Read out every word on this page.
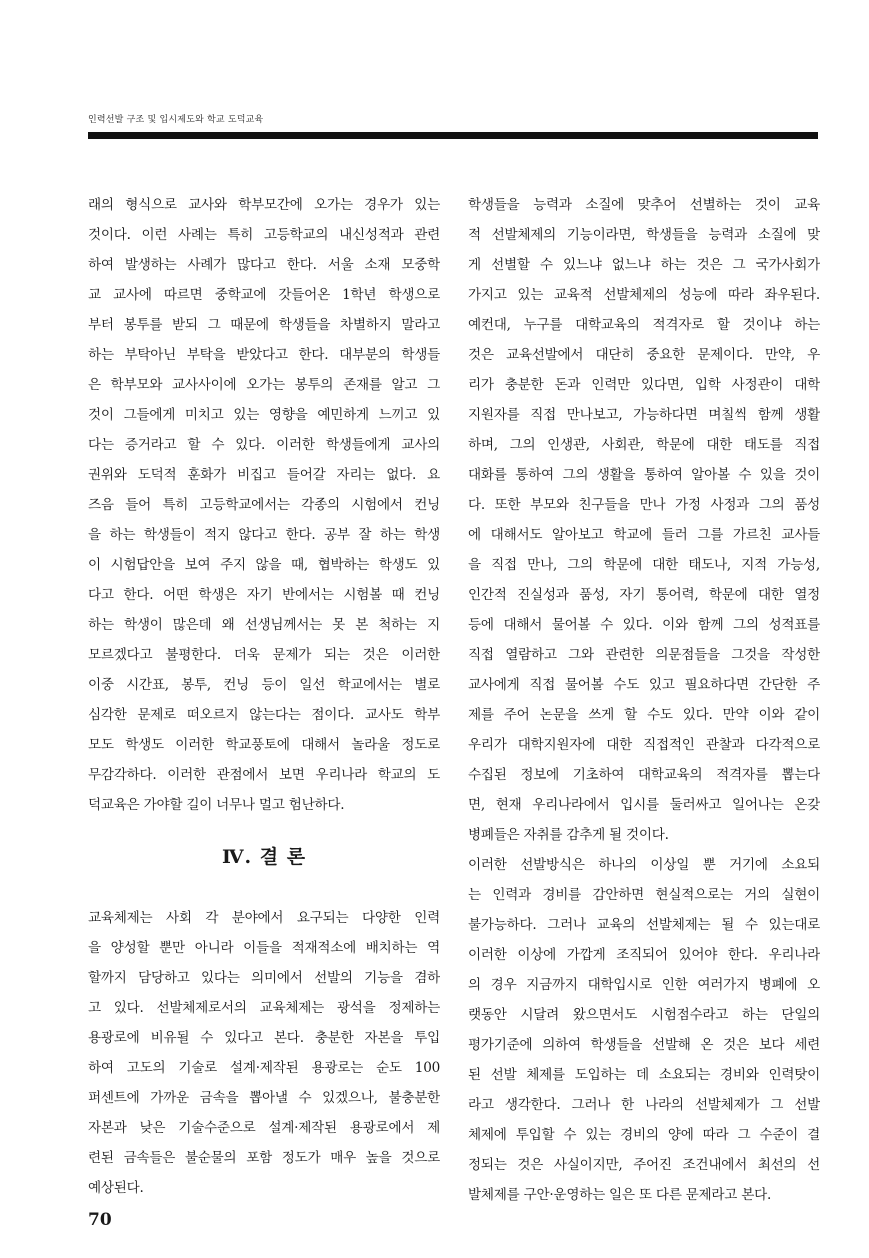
인력선발 구조 및 입시제도와 학교 도덕교육
래의 형식으로 교사와 학부모간에 오가는 경우가 있는
것이다. 이런 사례는 특히 고등학교의 내신성적과 관련
하여 발생하는 사례가 많다고 한다. 서울 소재 모중학
교 교사에 따르면 중학교에 갓들어온 1학년 학생으로
부터 봉투를 받되 그 때문에 학생들을 차별하지 말라고
하는 부탁아닌 부탁을 받았다고 한다. 대부분의 학생들
은 학부모와 교사사이에 오가는 봉투의 존재를 알고 그
것이 그들에게 미치고 있는 영향을 예민하게 느끼고 있
다는 증거라고 할 수 있다. 이러한 학생들에게 교사의
권위와 도덕적 훈화가 비집고 들어갈 자리는 없다. 요
즈음 들어 특히 고등학교에서는 각종의 시험에서 컨닝
을 하는 학생들이 적지 않다고 한다. 공부 잘 하는 학생
이 시험답안을 보여 주지 않을 때, 협박하는 학생도 있
다고 한다. 어떤 학생은 자기 반에서는 시험볼 때 컨닝
하는 학생이 많은데 왜 선생님께서는 못 본 척하는 지
모르겠다고 불평한다. 더욱 문제가 되는 것은 이러한
이중 시간표, 봉투, 컨닝 등이 일선 학교에서는 별로
심각한 문제로 떠오르지 않는다는 점이다. 교사도 학부
모도 학생도 이러한 학교풍토에 대해서 놀라울 정도로
무감각하다. 이러한 관점에서 보면 우리나라 학교의 도
덕교육은 가야할 길이 너무나 멀고 험난하다.
Ⅳ. 결 론
교육체제는 사회 각 분야에서 요구되는 다양한 인력
을 양성할 뿐만 아니라 이들을 적재적소에 배치하는 역
할까지 담당하고 있다는 의미에서 선발의 기능을 겸하
고 있다. 선발체제로서의 교육체제는 광석을 정제하는
용광로에 비유될 수 있다고 본다. 충분한 자본을 투입
하여 고도의 기술로 설계·제작된 용광로는 순도 100
퍼센트에 가까운 금속을 뽑아낼 수 있겠으나, 불충분한
자본과 낮은 기술수준으로 설계·제작된 용광로에서 제
련된 금속들은 불순물의 포함 정도가 매우 높을 것으로
예상된다.
학생들을 능력과 소질에 맞추어 선별하는 것이 교육
적 선발체제의 기능이라면, 학생들을 능력과 소질에 맞
게 선별할 수 있느냐 없느냐 하는 것은 그 국가사회가
가지고 있는 교육적 선발체제의 성능에 따라 좌우된다.
예컨대, 누구를 대학교육의 적격자로 할 것이냐 하는
것은 교육선발에서 대단히 중요한 문제이다. 만약, 우
리가 충분한 돈과 인력만 있다면, 입학 사정관이 대학
지원자를 직접 만나보고, 가능하다면 며칠씩 함께 생활
하며, 그의 인생관, 사회관, 학문에 대한 태도를 직접
대화를 통하여 그의 생활을 통하여 알아볼 수 있을 것이
다. 또한 부모와 친구들을 만나 가정 사정과 그의 품성
에 대해서도 알아보고 학교에 들러 그를 가르친 교사들
을 직접 만나, 그의 학문에 대한 태도나, 지적 가능성,
인간적 진실성과 품성, 자기 통어력, 학문에 대한 열정
등에 대해서 물어볼 수 있다. 이와 함께 그의 성적표를
직접 열람하고 그와 관련한 의문점들을 그것을 작성한
교사에게 직접 물어볼 수도 있고 필요하다면 간단한 주
제를 주어 논문을 쓰게 할 수도 있다. 만약 이와 같이
우리가 대학지원자에 대한 직접적인 관찰과 다각적으로
수집된 정보에 기초하여 대학교육의 적격자를 뽑는다
면, 현재 우리나라에서 입시를 둘러싸고 일어나는 온갖
병폐들은 자취를 감추게 될 것이다.
이러한 선발방식은 하나의 이상일 뿐 거기에 소요되
는 인력과 경비를 감안하면 현실적으로는 거의 실현이
불가능하다. 그러나 교육의 선발체제는 될 수 있는대로
이러한 이상에 가깝게 조직되어 있어야 한다. 우리나라
의 경우 지금까지 대학입시로 인한 여러가지 병폐에 오
랫동안 시달려 왔으면서도 시험점수라고 하는 단일의
평가기준에 의하여 학생들을 선발해 온 것은 보다 세련
된 선발 체제를 도입하는 데 소요되는 경비와 인력탓이
라고 생각한다. 그러나 한 나라의 선발체제가 그 선발
체제에 투입할 수 있는 경비의 양에 따라 그 수준이 결
정되는 것은 사실이지만, 주어진 조건내에서 최선의 선
발체제를 구안·운영하는 일은 또 다른 문제라고 본다.
70
